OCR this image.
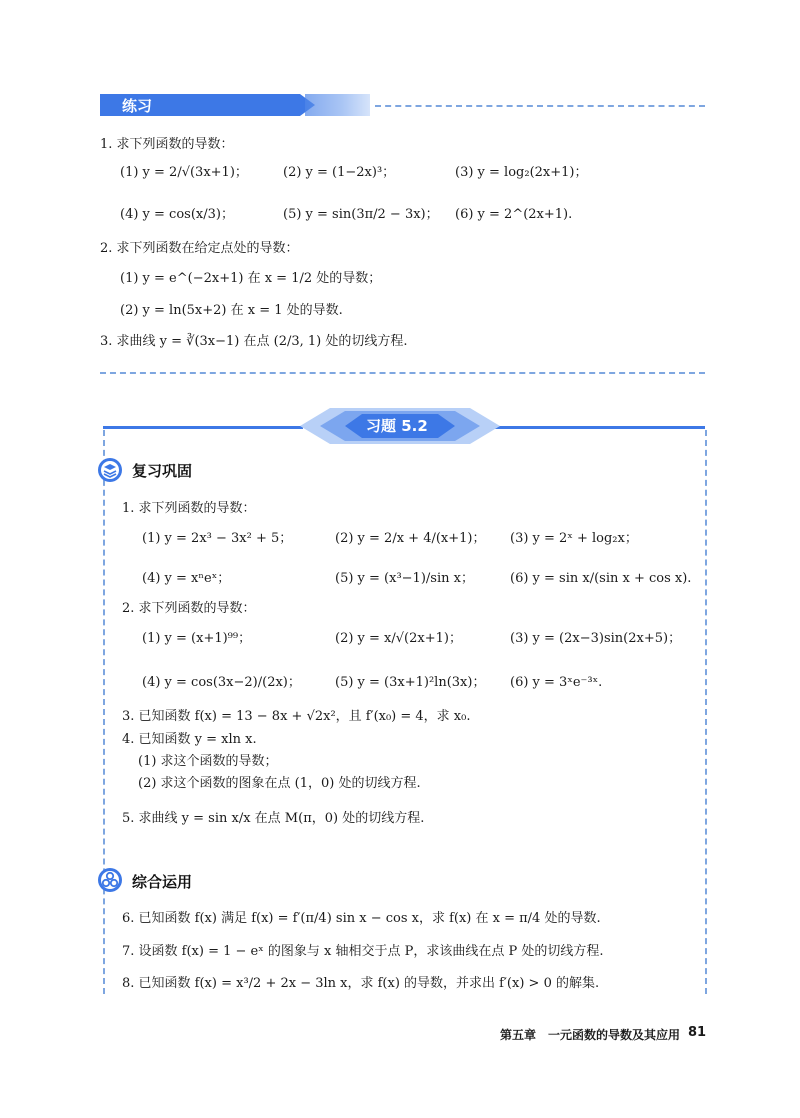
练习
1. 求下列函数的导数：
(1) y = 2/√(3x+1)；	(2) y = (1−2x)³；	(3) y = log₂(2x+1)；
(4) y = cos(x/3)；	(5) y = sin(3π/2 − 3x)； (6) y = 2^(2x+1).
2. 求下列函数在给定点处的导数：
(1) y = e^(−2x+1) 在 x = 1/2 处的导数；
(2) y = ln(5x+2) 在 x = 1 处的导数.
3. 求曲线 y = ∛(3x−1) 在点 (2/3, 1) 处的切线方程.
习题 5.2
复习巩固
1. 求下列函数的导数：
(1) y = 2x³ − 3x² + 5；	(2) y = 2/x + 4/(x+1)； (3) y = 2ˣ + log₂x；
(4) y = xⁿeˣ；	(5) y = (x³−1)/sin x；	(6) y = sin x/(sin x + cos x).
2. 求下列函数的导数：
(1) y = (x+1)⁹⁹；	(2) y = x/√(2x+1)；	(3) y = (2x−3)sin(2x+5)；
(4) y = cos(3x−2)/(2x)；	(5) y = (3x+1)²ln(3x)； (6) y = 3ˣe⁻³ˣ.
3. 已知函数 f(x) = 13 − 8x + √2x²，且 f′(x₀) = 4，求 x₀.
4. 已知函数 y = xln x.
(1) 求这个函数的导数；
(2) 求这个函数的图象在点 (1，0) 处的切线方程.
5. 求曲线 y = sin x/x 在点 M(π，0) 处的切线方程.
综合运用
6. 已知函数 f(x) 满足 f(x) = f′(π/4) sin x − cos x，求 f(x) 在 x = π/4 处的导数.
7. 设函数 f(x) = 1 − eˣ 的图象与 x 轴相交于点 P，求该曲线在点 P 处的切线方程.
8. 已知函数 f(x) = x³/2 + 2x − 3ln x，求 f(x) 的导数，并求出 f′(x) > 0 的解集.
第五章　一元函数的导数及其应用 81
